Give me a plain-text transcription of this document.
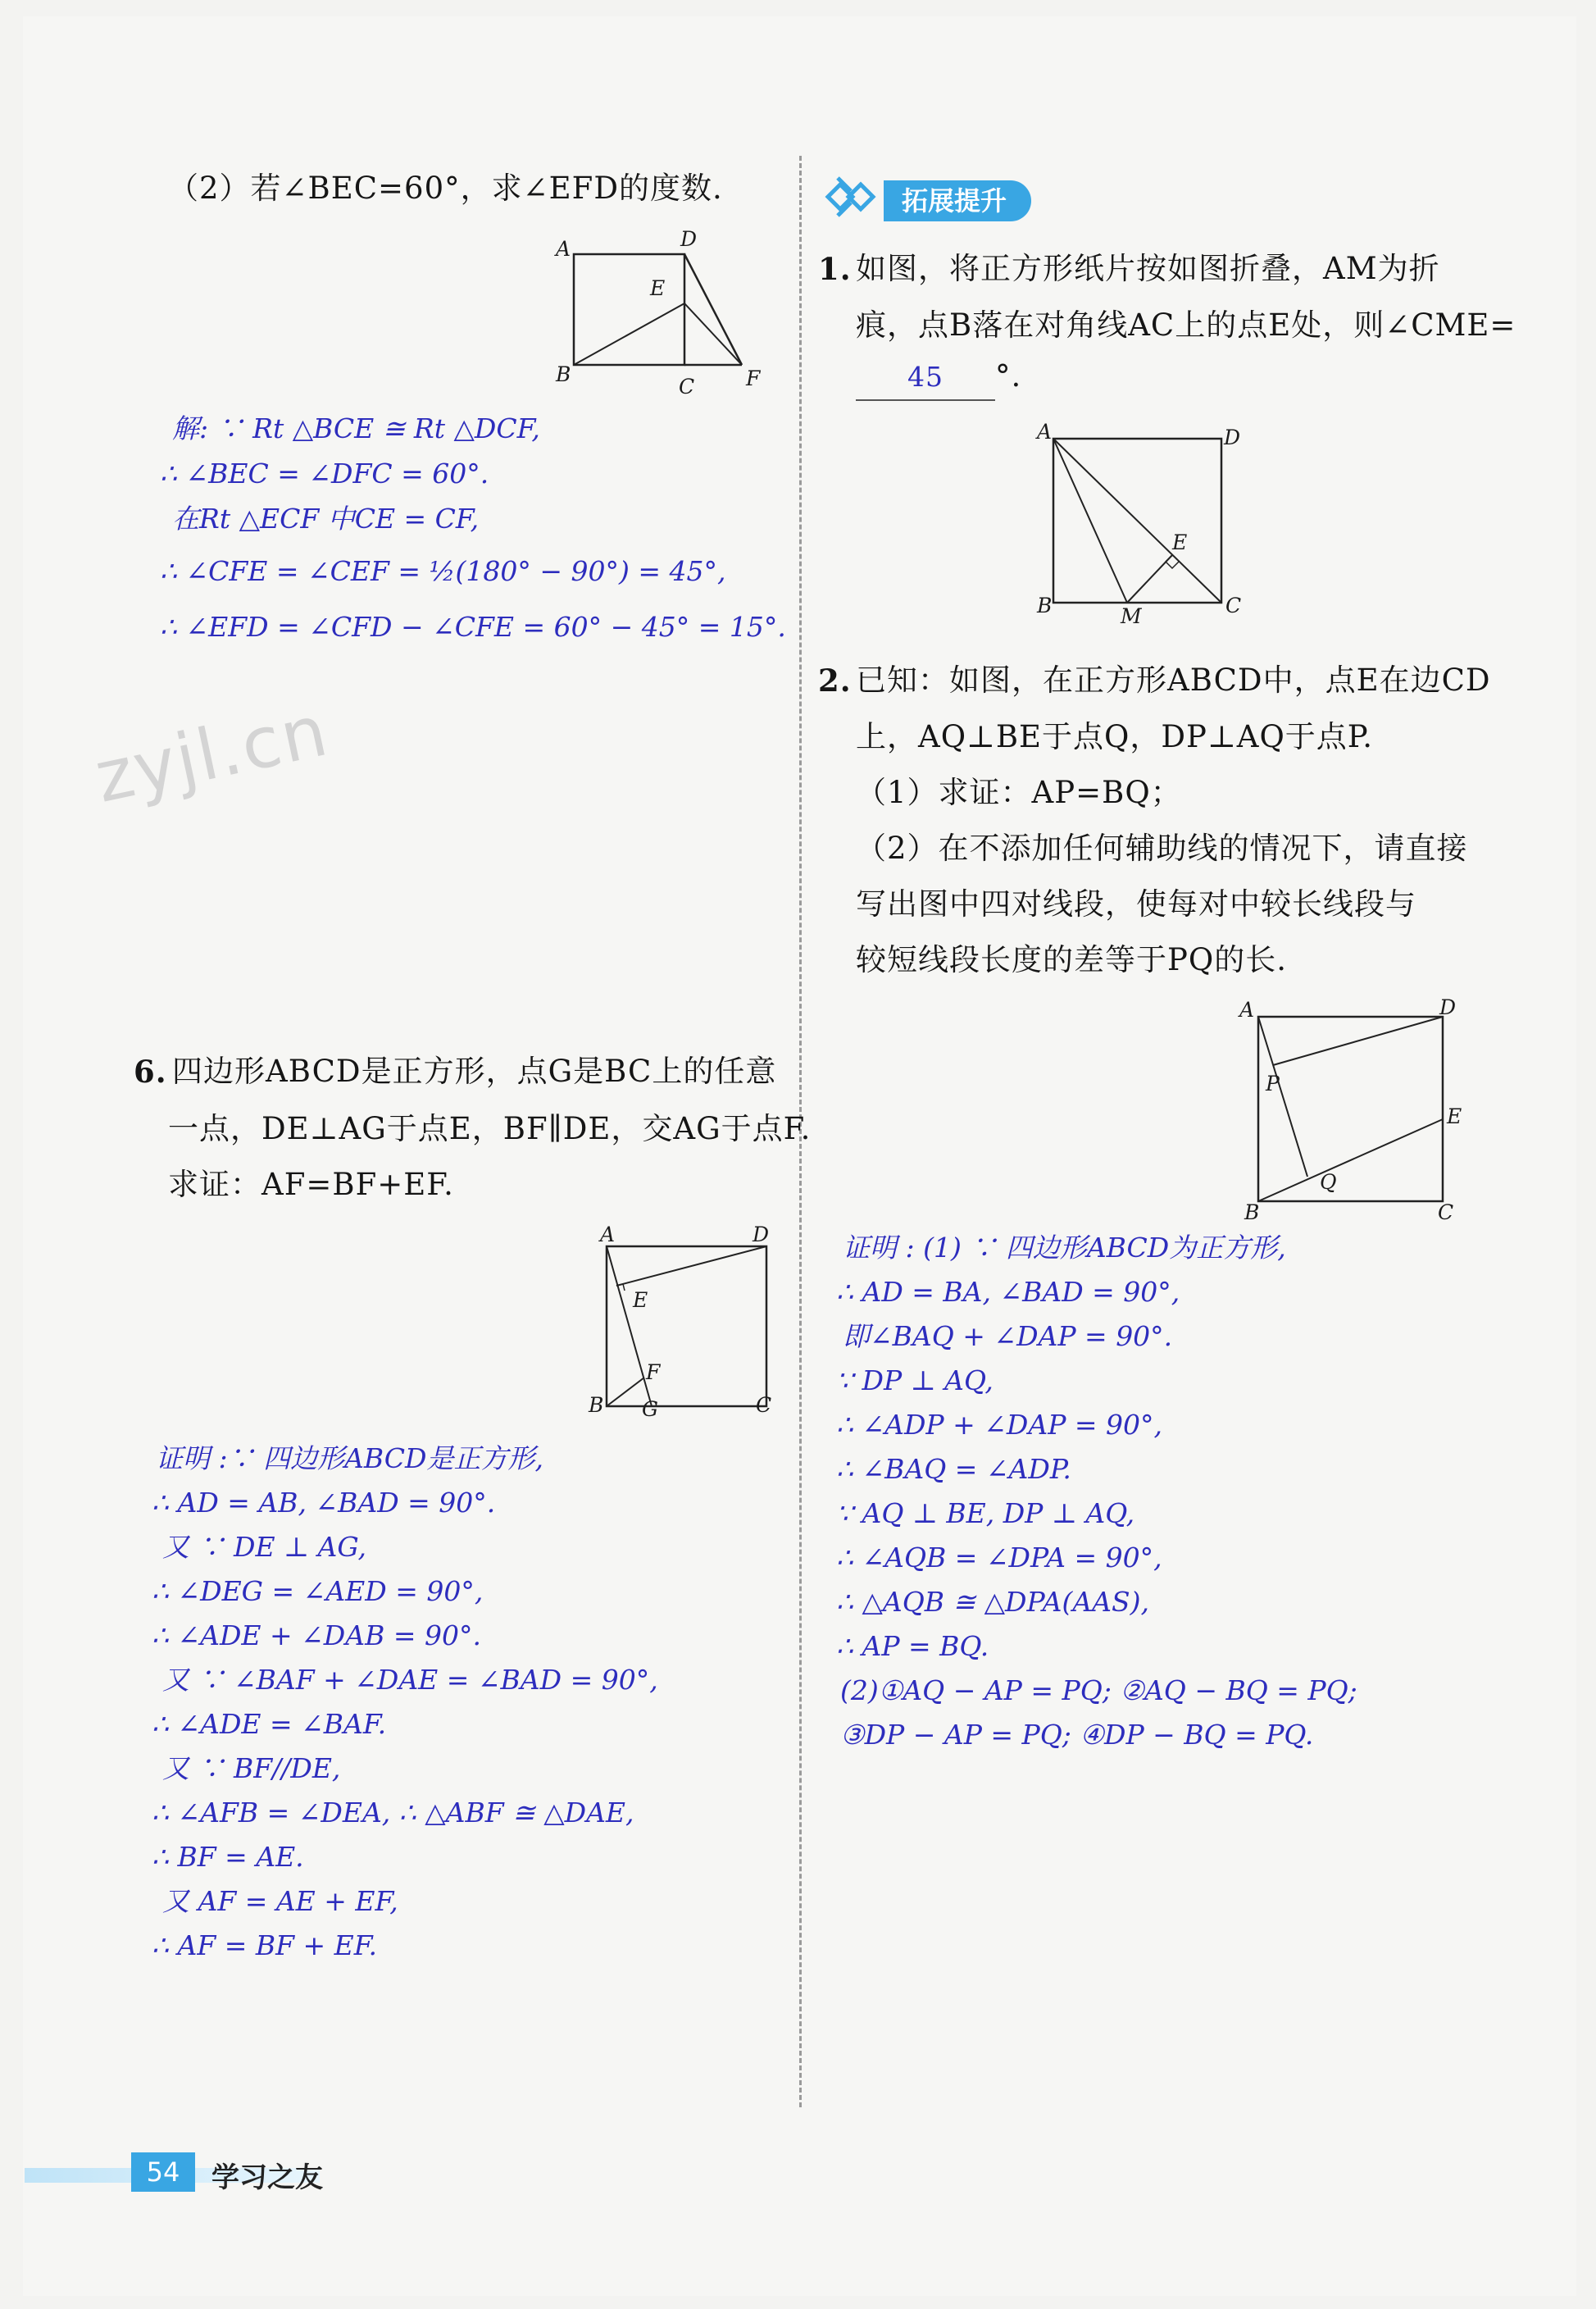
zyjl.cn
（2）若∠BEC=60°，求∠EFD的度数.
A	D
E
B
C	F
解: ∵ Rt △BCE ≅ Rt △DCF,
∴ ∠BEC = ∠DFC = 60°.
在Rt △ECF 中CE = CF,
∴ ∠CFE = ∠CEF = ½(180° − 90°) = 45°,
∴ ∠EFD = ∠CFD − ∠CFE = 60° − 45° = 15°.
6. 四边形ABCD是正方形，点G是BC上的任意
一点，DE⊥AG于点E，BF∥DE，交AG于点F.
求证：AF=BF+EF.
A	D
E
F
B G	C
证明 :∵ 四边形ABCD是正方形,
∴ AD = AB, ∠BAD = 90°.
又 ∵ DE ⊥ AG,
∴ ∠DEG = ∠AED = 90°,
∴ ∠ADE + ∠DAB = 90°.
又 ∵ ∠BAF + ∠DAE = ∠BAD = 90°,
∴ ∠ADE = ∠BAF.
又 ∵ BF//DE,
∴ ∠AFB = ∠DEA, ∴ △ABF ≅ △DAE,
∴ BF = AE.
又 AF = AE + EF,
∴ AF = BF + EF.
拓展提升
1. 如图，将正方形纸片按如图折叠，AM为折
痕，点B落在对角线AC上的点E处，则∠CME=
45 °.
A	D
E
B	M	C
2. 已知：如图，在正方形ABCD中，点E在边CD
上，AQ⊥BE于点Q，DP⊥AQ于点P.
（1）求证：AP=BQ；
（2）在不添加任何辅助线的情况下，请直接
写出图中四对线段，使每对中较长线段与
较短线段长度的差等于PQ的长.
A	D
P
E
Q
B	C
证明 : (1) ∵ 四边形ABCD为正方形,
∴ AD = BA, ∠BAD = 90°,
即∠BAQ + ∠DAP = 90°.
∵ DP ⊥ AQ,
∴ ∠ADP + ∠DAP = 90°,
∴ ∠BAQ = ∠ADP.
∵ AQ ⊥ BE, DP ⊥ AQ,
∴ ∠AQB = ∠DPA = 90°,
∴ △AQB ≅ △DPA(AAS),
∴ AP = BQ.
(2)①AQ − AP = PQ; ②AQ − BQ = PQ;
③DP − AP = PQ; ④DP − BQ = PQ.
54	学习之友
